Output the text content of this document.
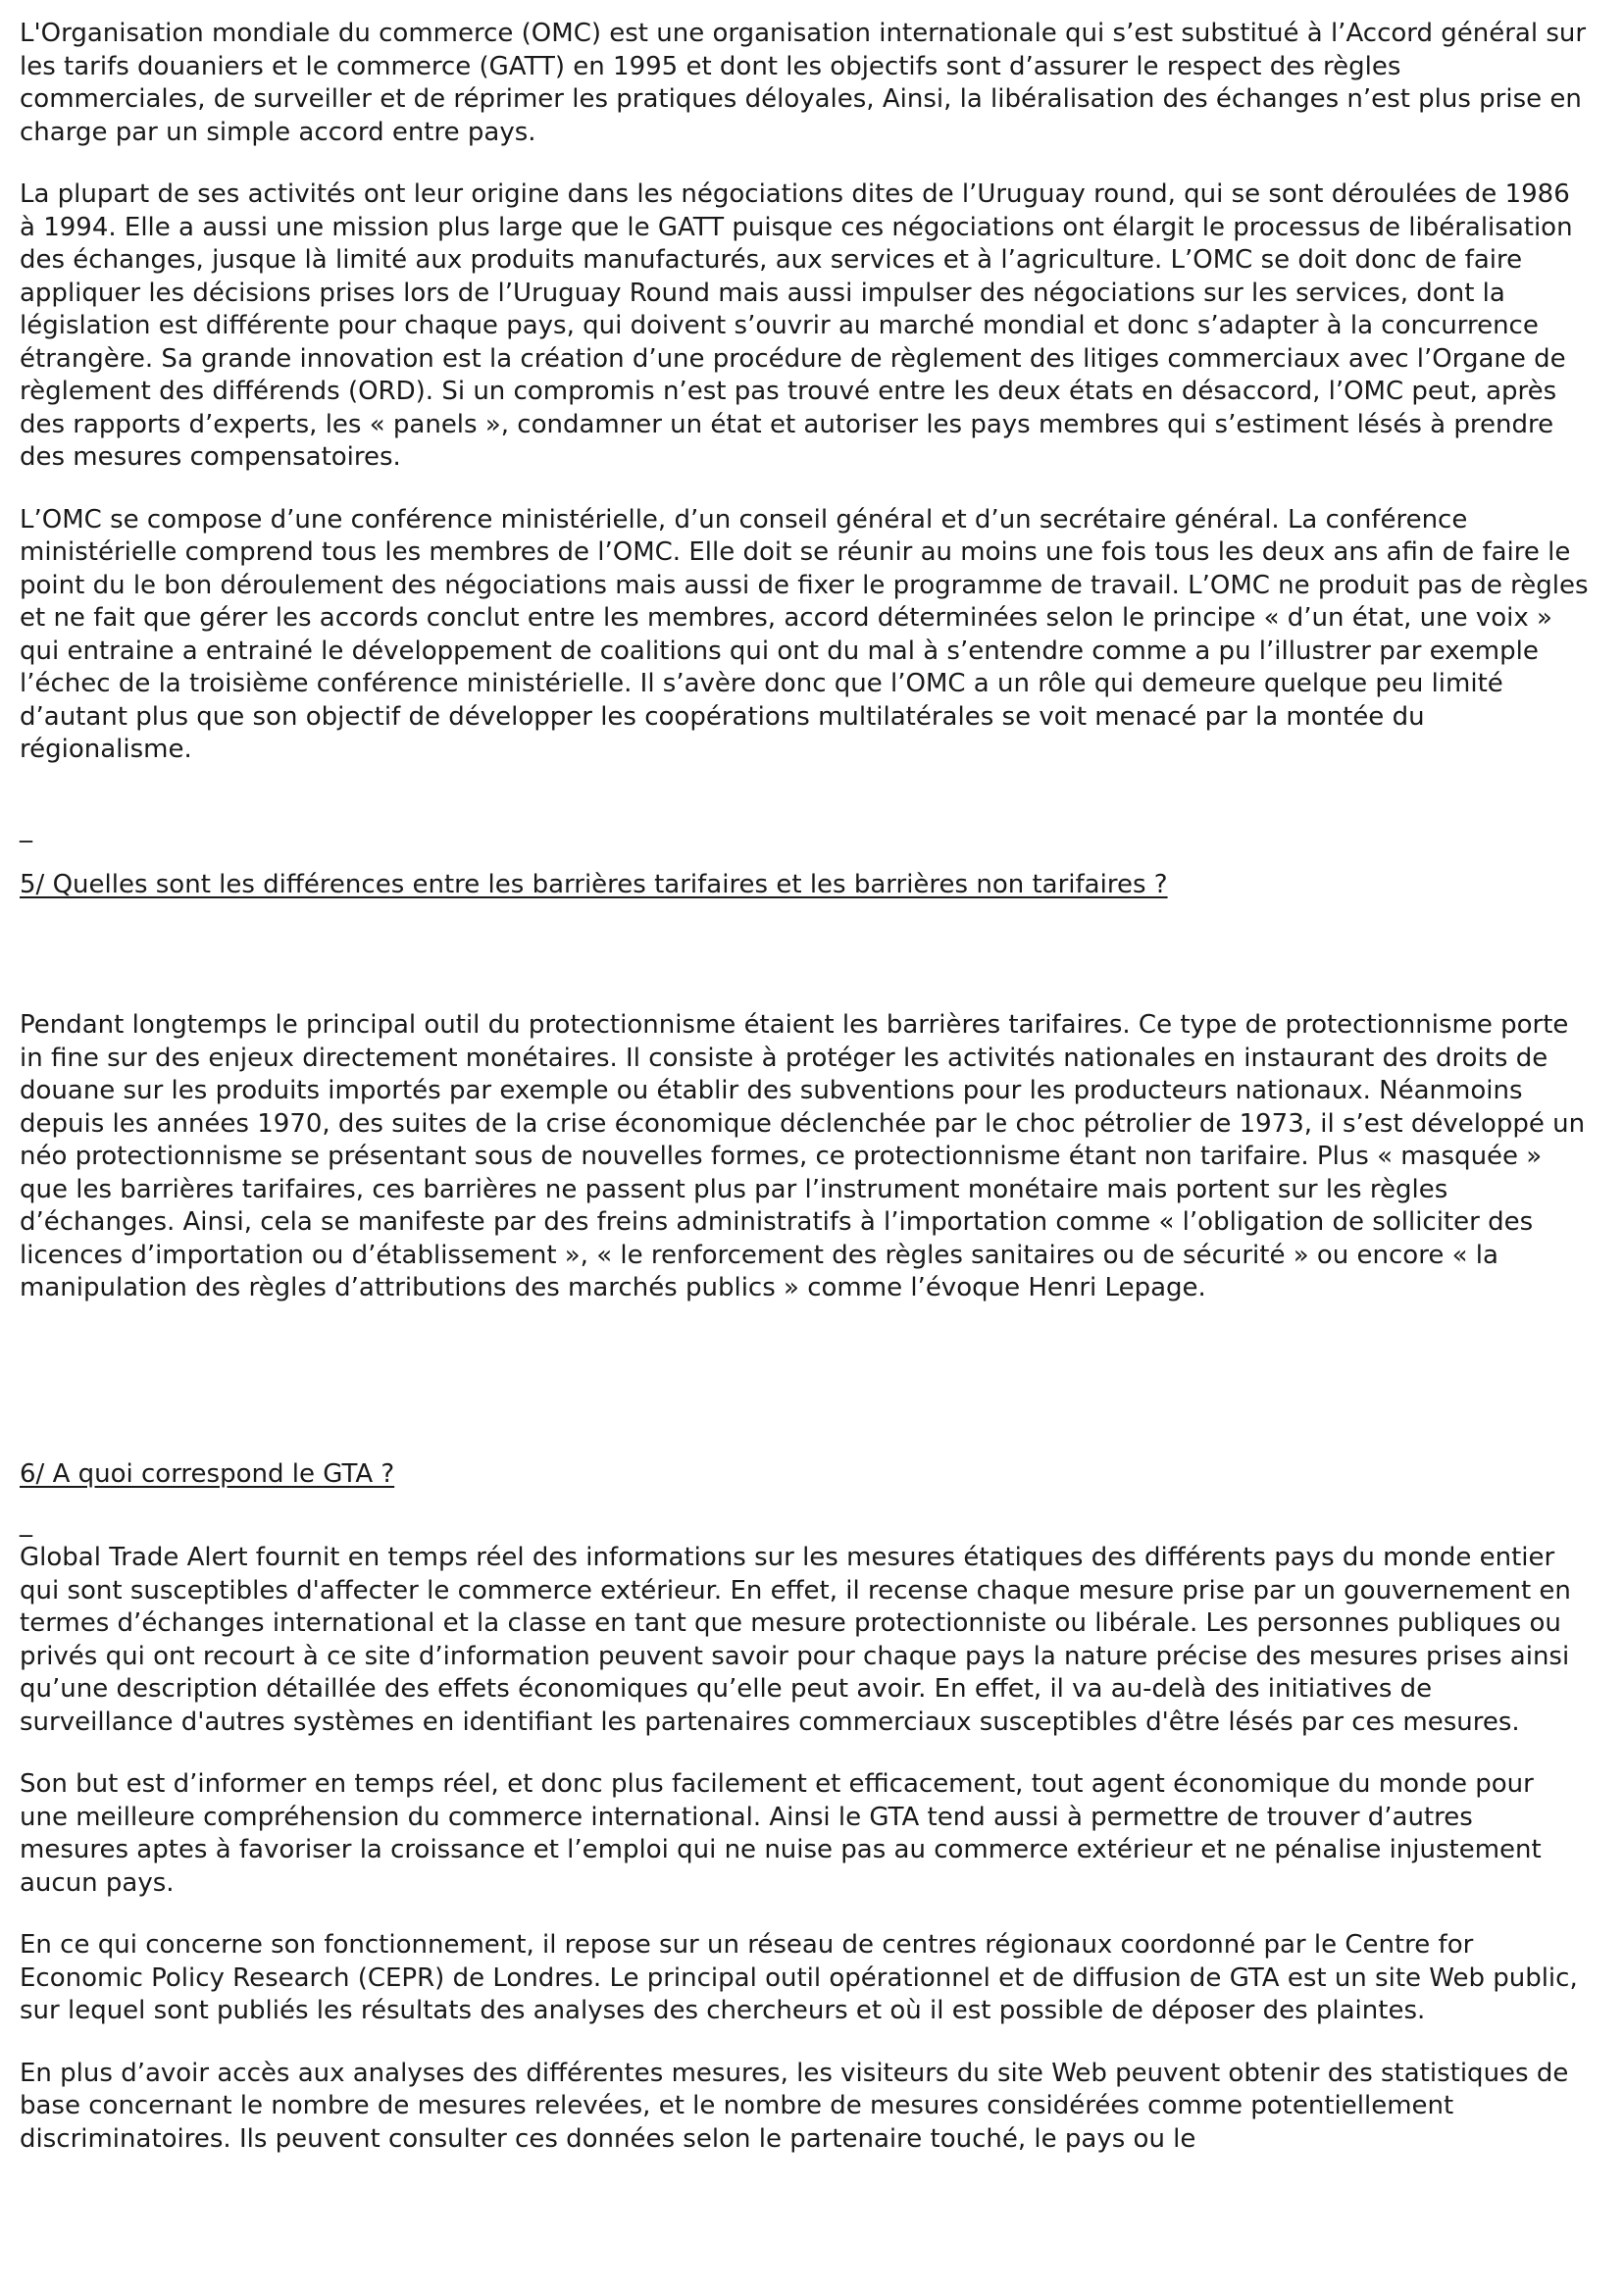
L'Organisation mondiale du commerce (OMC) est une organisation internationale qui s’est substitué à l’Accord général sur les tarifs douaniers et le commerce (GATT) en 1995 et dont les objectifs sont d’assurer le respect des règles commerciales, de surveiller et de réprimer les pratiques déloyales, Ainsi, la libéralisation des échanges n’est plus prise en charge par un simple accord entre pays.

La plupart de ses activités ont leur origine dans les négociations dites de l’Uruguay round, qui se sont déroulées de 1986 à 1994. Elle a aussi une mission plus large que le GATT puisque ces négociations ont élargit le processus de libéralisation des échanges, jusque là limité aux produits manufacturés, aux services et à l’agriculture. L’OMC se doit donc de faire appliquer les décisions prises lors de l’Uruguay Round mais aussi impulser des négociations sur les services, dont la législation est différente pour chaque pays, qui doivent s’ouvrir au marché mondial et donc s’adapter à la concurrence étrangère. Sa grande innovation est la création d’une procédure de règlement des litiges commerciaux avec l’Organe de règlement des différends (ORD). Si un compromis n’est pas trouvé entre les deux états en désaccord, l’OMC peut, après des rapports d’experts, les « panels », condamner un état et autoriser les pays membres qui s’estiment lésés à prendre des mesures compensatoires.

L’OMC se compose d’une conférence ministérielle, d’un conseil général et d’un secrétaire général. La conférence ministérielle comprend tous les membres de l’OMC. Elle doit se réunir au moins une fois tous les deux ans afin de faire le point du le bon déroulement des négociations mais aussi de fixer le programme de travail. L’OMC ne produit pas de règles et ne fait que gérer les accords conclut entre les membres, accord déterminées selon le principe « d’un état, une voix » qui entraine a entrainé le développement de coalitions qui ont du mal à s’entendre comme a pu l’illustrer par exemple l’échec de la troisième conférence ministérielle. Il s’avère donc que l’OMC a un rôle qui demeure quelque peu limité d’autant plus que son objectif de développer les coopérations multilatérales se voit menacé par la montée du régionalisme.

_

5/ Quelles sont les différences entre les barrières tarifaires et les barrières non tarifaires ?

Pendant longtemps le principal outil du protectionnisme étaient les barrières tarifaires. Ce type de protectionnisme porte in fine sur des enjeux directement monétaires. Il consiste à protéger les activités nationales en instaurant des droits de douane sur les produits importés par exemple ou établir des subventions pour les producteurs nationaux. Néanmoins depuis les années 1970, des suites de la crise économique déclenchée par le choc pétrolier de 1973, il s’est développé un néo protectionnisme se présentant sous de nouvelles formes, ce protectionnisme étant non tarifaire. Plus « masquée » que les barrières tarifaires, ces barrières ne passent plus par l’instrument monétaire mais portent sur les règles d’échanges. Ainsi, cela se manifeste par des freins administratifs à l’importation comme « l’obligation de solliciter des licences d’importation ou d’établissement », « le renforcement des règles sanitaires ou de sécurité » ou encore « la manipulation des règles d’attributions des marchés publics » comme l’évoque Henri Lepage.

6/ A quoi correspond le GTA ?

_

Global Trade Alert fournit en temps réel des informations sur les mesures étatiques des différents pays du monde entier qui sont susceptibles d'affecter le commerce extérieur. En effet, il recense chaque mesure prise par un gouvernement en termes d’échanges international et la classe en tant que mesure protectionniste ou libérale. Les personnes publiques ou privés qui ont recourt à ce site d’information peuvent savoir pour chaque pays la nature précise des mesures prises ainsi qu’une description détaillée des effets économiques qu’elle peut avoir. En effet, il va au-delà des initiatives de surveillance d'autres systèmes en identifiant les partenaires commerciaux susceptibles d'être lésés par ces mesures.

Son but est d’informer en temps réel, et donc plus facilement et efficacement, tout agent économique du monde pour une meilleure compréhension du commerce international. Ainsi le GTA tend aussi à permettre de trouver d’autres mesures aptes à favoriser la croissance et l’emploi qui ne nuise pas au commerce extérieur et ne pénalise injustement aucun pays.

En ce qui concerne son fonctionnement, il repose sur un réseau de centres régionaux coordonné par le Centre for Economic Policy Research (CEPR) de Londres. Le principal outil opérationnel et de diffusion de GTA est un site Web public, sur lequel sont publiés les résultats des analyses des chercheurs et où il est possible de déposer des plaintes.

En plus d’avoir accès aux analyses des différentes mesures, les visiteurs du site Web peuvent obtenir des statistiques de base concernant le nombre de mesures relevées, et le nombre de mesures considérées comme potentiellement discriminatoires. Ils peuvent consulter ces données selon le partenaire touché, le pays ou le
